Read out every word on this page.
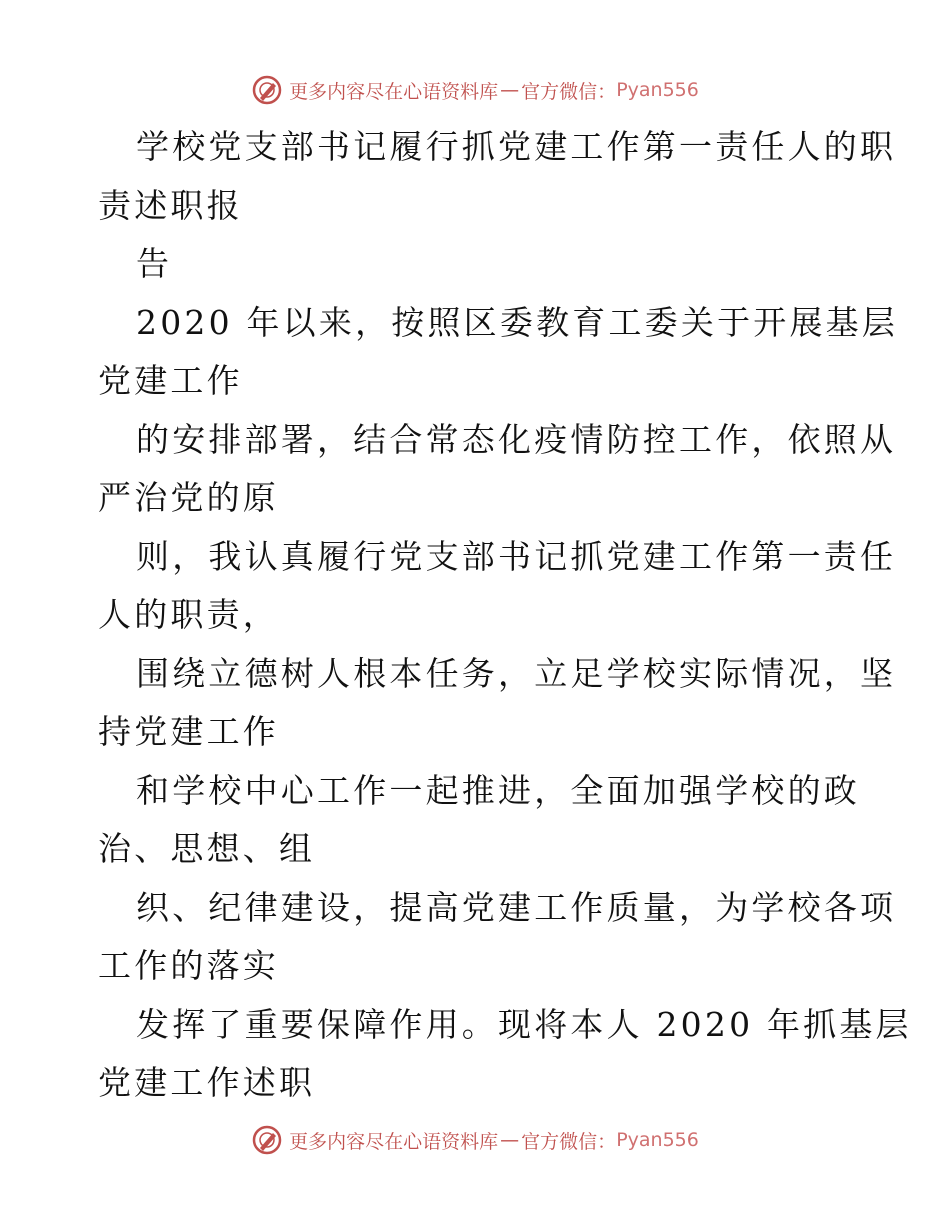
更多内容尽在心语资料库 — 官方微信： Pyan556
学校党支部书记履行抓党建工作第一责任人的职
责述职报
告
2020 年以来，按照区委教育工委关于开展基层
党建工作
的安排部署，结合常态化疫情防控工作，依照从
严治党的原
则，我认真履行党支部书记抓党建工作第一责任
人的职责，
围绕立德树人根本任务，立足学校实际情况，坚
持党建工作
和学校中心工作一起推进，全面加强学校的政
治、思想、组
织、纪律建设，提高党建工作质量，为学校各项
工作的落实
发挥了重要保障作用。现将本人 2020 年抓基层
党建工作述职
更多内容尽在心语资料库 — 官方微信： Pyan556
